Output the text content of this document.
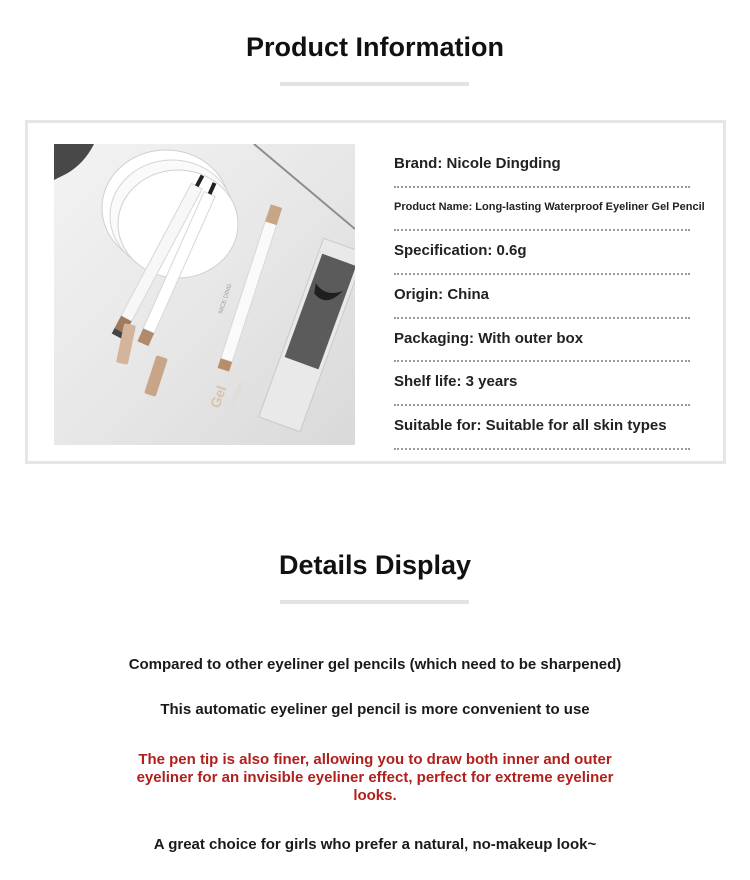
Product Information
Gel EYELINER
NICE DING
Brand: Nicole Dingding
Product Name: Long-lasting Waterproof Eyeliner Gel Pencil
Specification: 0.6g
Origin: China
Packaging: With outer box
Shelf life: 3 years
Suitable for: Suitable for all skin types
Details Display
Compared to other eyeliner gel pencils (which need to be sharpened)
This automatic eyeliner gel pencil is more convenient to use
The pen tip is also finer, allowing you to draw both inner and outer eyeliner for an invisible eyeliner effect, perfect for extreme eyeliner looks.
A great choice for girls who prefer a natural, no-makeup look~
